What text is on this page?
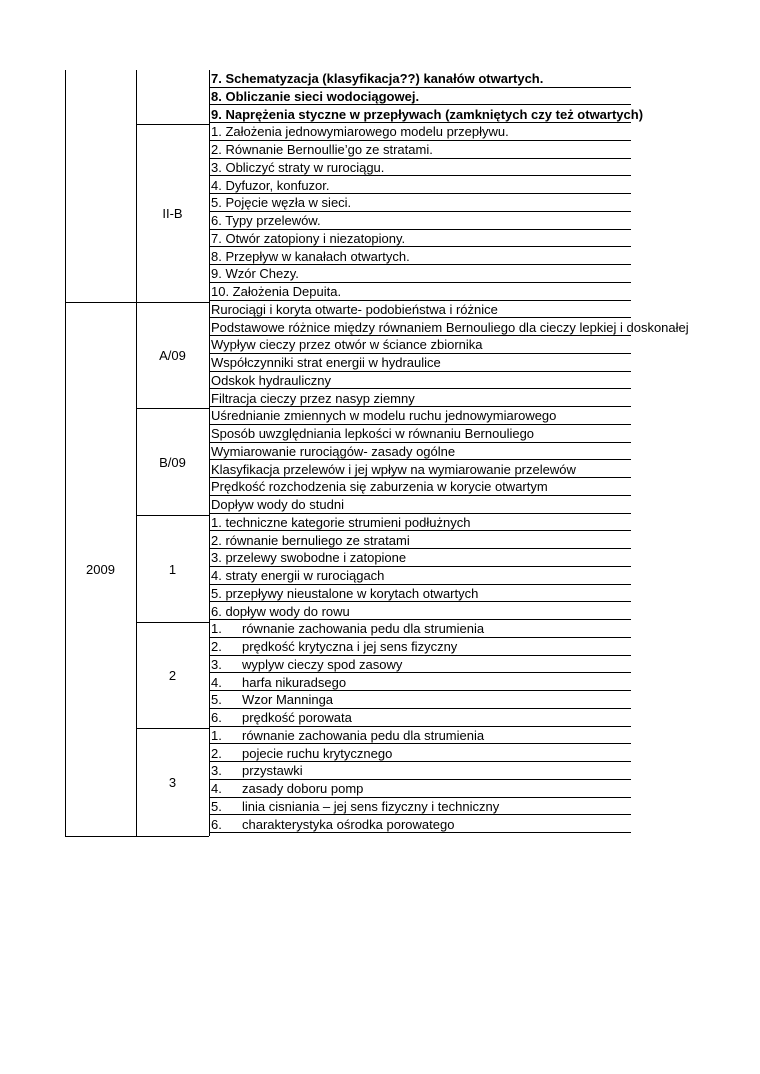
II-B
A/09
B/09
1
2
3
2009
7. Schematyzacja (klasyfikacja??) kanałów otwartych.
8. Obliczanie sieci wodociągowej.
9. Naprężenia styczne w przepływach (zamkniętych czy też otwartych)
1. Założenia jednowymiarowego modelu przepływu.
2. Równanie Bernoullie’go ze stratami.
3. Obliczyć straty w rurociągu.
4. Dyfuzor, konfuzor.
5. Pojęcie węzła w sieci.
6. Typy przelewów.
7. Otwór zatopiony i niezatopiony.
8. Przepływ w kanałach otwartych.
9. Wzór Chezy.
10. Założenia Depuita.
Rurociągi i koryta otwarte- podobieństwa i różnice
Podstawowe różnice między równaniem Bernouliego dla cieczy lepkiej i doskonałej
Wypływ cieczy przez otwór w ściance zbiornika
Współczynniki strat energii w hydraulice
Odskok hydrauliczny
Filtracja cieczy przez nasyp ziemny
Uśrednianie zmiennych w modelu ruchu jednowymiarowego
Sposób uwzględniania lepkości w równaniu Bernouliego
Wymiarowanie rurociągów- zasady ogólne
Klasyfikacja przelewów i jej wpływ na wymiarowanie przelewów
Prędkość rozchodzenia się zaburzenia w korycie otwartym
Dopływ wody do studni
1. techniczne kategorie strumieni podłużnych
2. równanie bernuliego ze stratami
3. przelewy swobodne i zatopione
4. straty energii w rurociągach
5. przepływy nieustalone w korytach otwartych
6. dopływ wody do rowu
1. równanie zachowania pedu dla strumienia
2. prędkość krytyczna i jej sens fizyczny
3. wyplyw cieczy spod zasowy
4. harfa nikuradsego
5. Wzor Manninga
6. prędkość porowata
1. równanie zachowania pedu dla strumienia
2. pojecie ruchu krytycznego
3. przystawki
4. zasady doboru pomp
5. linia cisniania – jej sens fizyczny i techniczny
6. charakterystyka ośrodka porowatego
